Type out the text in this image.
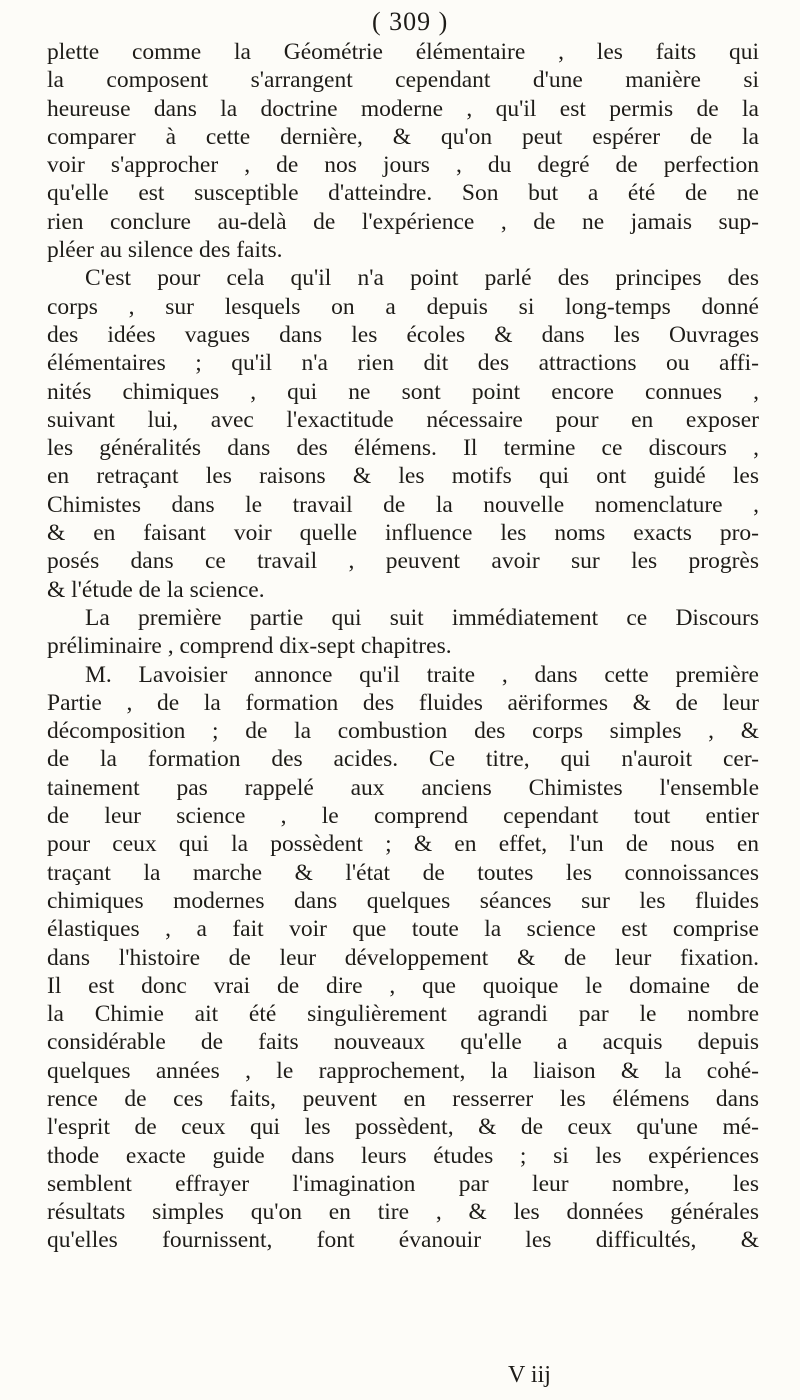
( 309 )
plette comme la Géométrie élémentaire , les faits qui
la composent s'arrangent cependant d'une manière si
heureuse dans la doctrine moderne , qu'il est permis de la
comparer à cette dernière, & qu'on peut espérer de la
voir s'approcher , de nos jours , du degré de perfection
qu'elle est susceptible d'atteindre. Son but a été de ne
rien conclure au-delà de l'expérience , de ne jamais sup-
pléer au silence des faits.
C'est pour cela qu'il n'a point parlé des principes des
corps , sur lesquels on a depuis si long-temps donné
des idées vagues dans les écoles & dans les Ouvrages
élémentaires ; qu'il n'a rien dit des attractions ou affi-
nités chimiques , qui ne sont point encore connues ,
suivant lui, avec l'exactitude nécessaire pour en exposer
les généralités dans des élémens. Il termine ce discours ,
en retraçant les raisons & les motifs qui ont guidé les
Chimistes dans le travail de la nouvelle nomenclature ,
& en faisant voir quelle influence les noms exacts pro-
posés dans ce travail , peuvent avoir sur les progrès
& l'étude de la science.
La première partie qui suit immédiatement ce Discours
préliminaire , comprend dix-sept chapitres.
M. Lavoisier annonce qu'il traite , dans cette première
Partie , de la formation des fluides aëriformes & de leur
décomposition ; de la combustion des corps simples , &
de la formation des acides. Ce titre, qui n'auroit cer-
tainement pas rappelé aux anciens Chimistes l'ensemble
de leur science , le comprend cependant tout entier
pour ceux qui la possèdent ; & en effet, l'un de nous en
traçant la marche & l'état de toutes les connoissances
chimiques modernes dans quelques séances sur les fluides
élastiques , a fait voir que toute la science est comprise
dans l'histoire de leur développement & de leur fixation.
Il est donc vrai de dire , que quoique le domaine de
la Chimie ait été singulièrement agrandi par le nombre
considérable de faits nouveaux qu'elle a acquis depuis
quelques années , le rapprochement, la liaison & la cohé-
rence de ces faits, peuvent en resserrer les élémens dans
l'esprit de ceux qui les possèdent, & de ceux qu'une mé-
thode exacte guide dans leurs études ; si les expériences
semblent effrayer l'imagination par leur nombre, les
résultats simples qu'on en tire , & les données générales
qu'elles fournissent, font évanouir les difficultés, &
V iij
